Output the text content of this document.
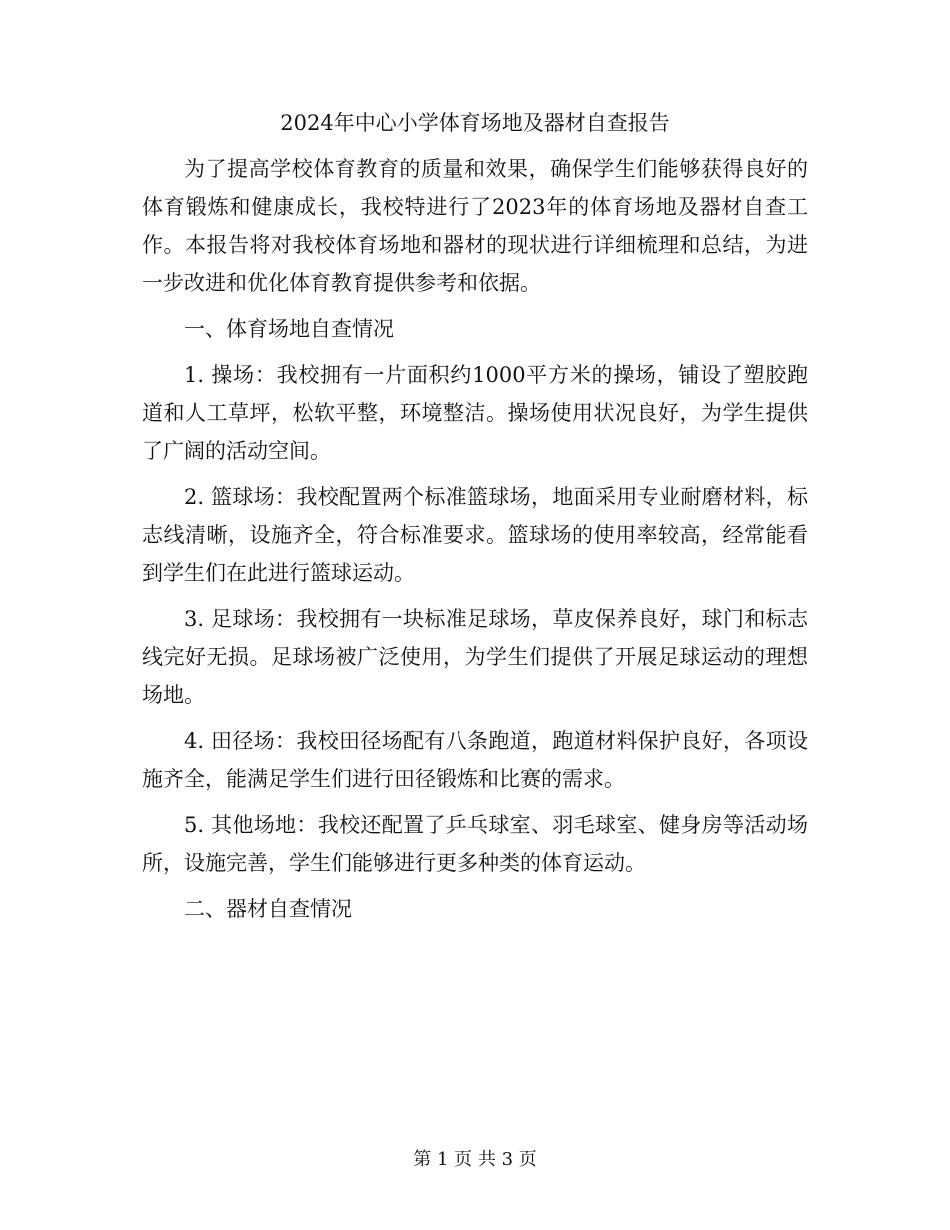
2024年中心小学体育场地及器材自查报告

为了提高学校体育教育的质量和效果，确保学生们能够获得良好的体育锻炼和健康成长，我校特进行了2023年的体育场地及器材自查工作。本报告将对我校体育场地和器材的现状进行详细梳理和总结，为进一步改进和优化体育教育提供参考和依据。

一、体育场地自查情况

1. 操场：我校拥有一片面积约1000平方米的操场，铺设了塑胶跑道和人工草坪，松软平整，环境整洁。操场使用状况良好，为学生提供了广阔的活动空间。

2. 篮球场：我校配置两个标准篮球场，地面采用专业耐磨材料，标志线清晰，设施齐全，符合标准要求。篮球场的使用率较高，经常能看到学生们在此进行篮球运动。

3. 足球场：我校拥有一块标准足球场，草皮保养良好，球门和标志线完好无损。足球场被广泛使用，为学生们提供了开展足球运动的理想场地。

4. 田径场：我校田径场配有八条跑道，跑道材料保护良好，各项设施齐全，能满足学生们进行田径锻炼和比赛的需求。

5. 其他场地：我校还配置了乒乓球室、羽毛球室、健身房等活动场所，设施完善，学生们能够进行更多种类的体育运动。

二、器材自查情况

第 1 页 共 3 页
